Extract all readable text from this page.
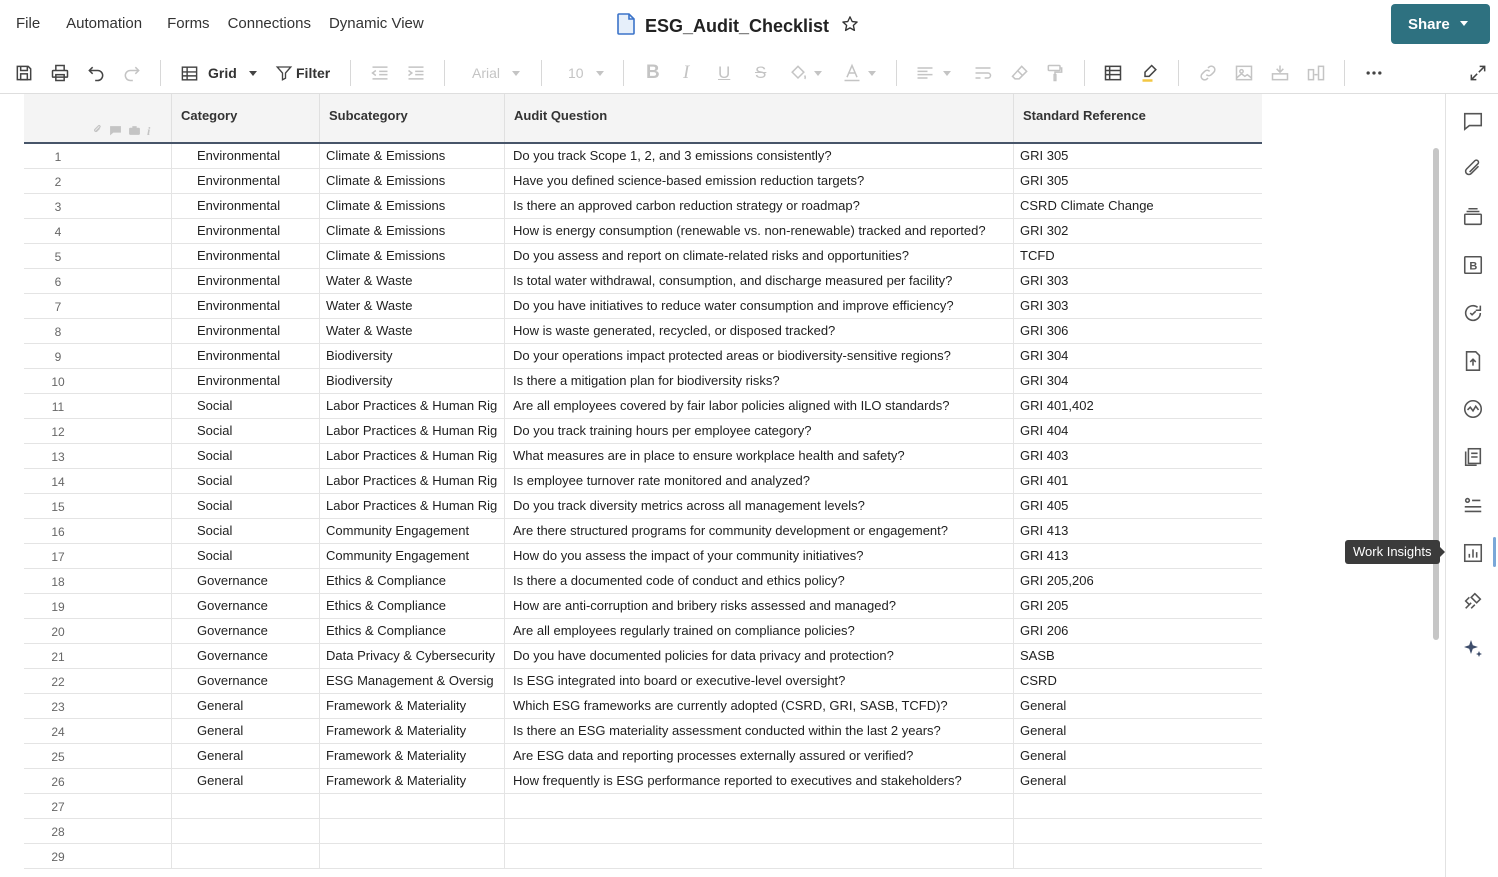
File Automation Forms Connections Dynamic View	ESG_Audit_Checklist	Share
Grid	Filter	Arial	10	B I U S
i
Category	Subcategory	Audit Question	Standard Reference
1	Environmental	Climate & Emissions	Do you track Scope 1, 2, and 3 emissions consistently?	GRI 305
2	Environmental	Climate & Emissions	Have you defined science-based emission reduction targets?	GRI 305
3	Environmental	Climate & Emissions	Is there an approved carbon reduction strategy or roadmap?	CSRD Climate Change
4	Environmental	Climate & Emissions	How is energy consumption (renewable vs. non-renewable) tracked and reported?	GRI 302
5	Environmental	Climate & Emissions	Do you assess and report on climate-related risks and opportunities?	TCFD
6	Environmental	Water & Waste	Is total water withdrawal, consumption, and discharge measured per facility?	GRI 303
7	Environmental	Water & Waste	Do you have initiatives to reduce water consumption and improve efficiency?	GRI 303
8	Environmental	Water & Waste	How is waste generated, recycled, or disposed tracked?	GRI 306
9	Environmental	Biodiversity	Do your operations impact protected areas or biodiversity-sensitive regions?	GRI 304
10	Environmental	Biodiversity	Is there a mitigation plan for biodiversity risks?	GRI 304
11	Social	Labor Practices & Human Rig	Are all employees covered by fair labor policies aligned with ILO standards?	GRI 401,402
12	Social	Labor Practices & Human Rig	Do you track training hours per employee category?	GRI 404
13	Social	Labor Practices & Human Rig	What measures are in place to ensure workplace health and safety?	GRI 403
14	Social	Labor Practices & Human Rig	Is employee turnover rate monitored and analyzed?	GRI 401
15	Social	Labor Practices & Human Rig	Do you track diversity metrics across all management levels?	GRI 405
16	Social	Community Engagement	Are there structured programs for community development or engagement?	GRI 413
17	Social	Community Engagement	How do you assess the impact of your community initiatives?	GRI 413
18	Governance	Ethics & Compliance	Is there a documented code of conduct and ethics policy?	GRI 205,206
19	Governance	Ethics & Compliance	How are anti-corruption and bribery risks assessed and managed?	GRI 205
20	Governance	Ethics & Compliance	Are all employees regularly trained on compliance policies?	GRI 206
21	Governance	Data Privacy & Cybersecurity	Do you have documented policies for data privacy and protection?	SASB
22	Governance	ESG Management & Oversig	Is ESG integrated into board or executive-level oversight?	CSRD
23	General	Framework & Materiality	Which ESG frameworks are currently adopted (CSRD, GRI, SASB, TCFD)?	General
24	General	Framework & Materiality	Is there an ESG materiality assessment conducted within the last 2 years?	General
25	General	Framework & Materiality	Are ESG data and reporting processes externally assured or verified?	General
26	General	Framework & Materiality	How frequently is ESG performance reported to executives and stakeholders?	General
27
28
29
B
Work Insights
